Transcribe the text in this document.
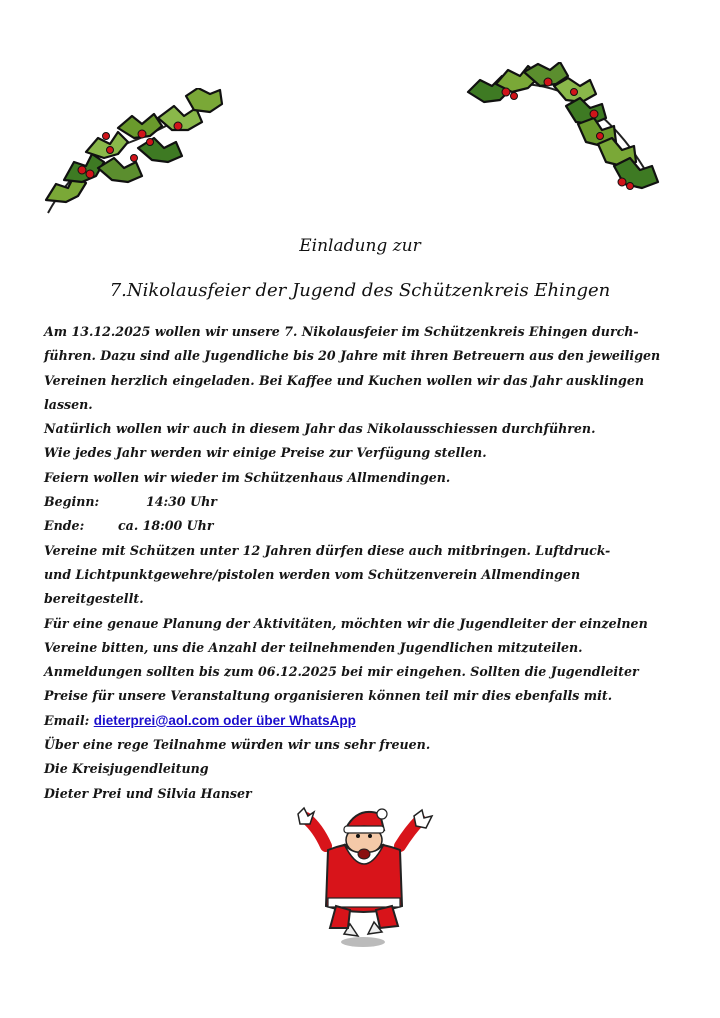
Einladung zur
7.Nikolausfeier der Jugend des Schützenkreis Ehingen
Am 13.12.2025 wollen wir unsere 7. Nikolausfeier im Schützenkreis Ehingen durch-
führen. Dazu sind alle Jugendliche bis 20 Jahre mit ihren Betreuern aus den jeweiligen
Vereinen herzlich eingeladen. Bei Kaffee und Kuchen wollen wir das Jahr ausklingen
lassen.
Natürlich wollen wir auch in diesem Jahr das Nikolausschiessen durchführen.
Wie jedes Jahr werden wir einige Preise zur Verfügung stellen.
Feiern wollen wir wieder im Schützenhaus Allmendingen.
Beginn:	14:30 Uhr
Ende:	ca. 18:00 Uhr
Vereine mit Schützen unter 12 Jahren dürfen diese auch mitbringen. Luftdruck-
und Lichtpunktgewehre/pistolen werden vom Schützenverein Allmendingen
bereitgestellt.
Für eine genaue Planung der Aktivitäten, möchten wir die Jugendleiter der einzelnen
Vereine bitten, uns die Anzahl der teilnehmenden Jugendlichen mitzuteilen.
Anmeldungen sollten bis zum 06.12.2025 bei mir eingehen. Sollten die Jugendleiter
Preise für unsere Veranstaltung organisieren können teil mir dies ebenfalls mit.
Email: dieterprei@aol.com oder über WhatsApp
Über eine rege Teilnahme würden wir uns sehr freuen.
Die Kreisjugendleitung
Dieter Prei und Silvia Hanser
